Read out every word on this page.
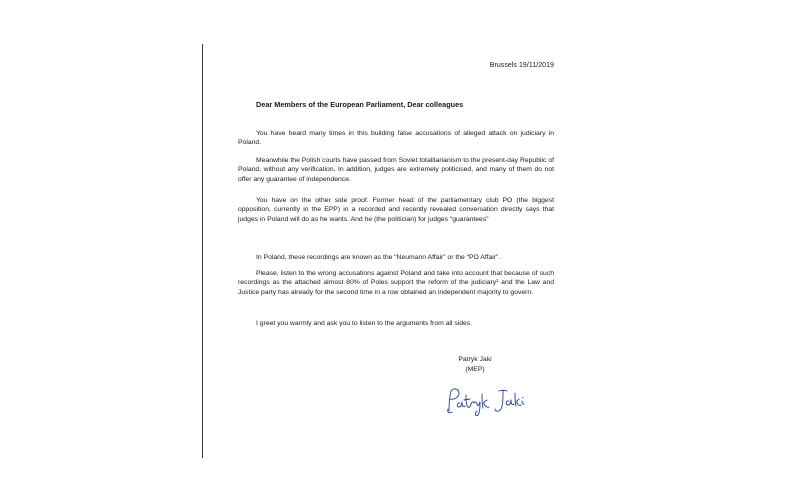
Brussels 19/11/2019
Dear Members of the European Parliament, Dear colleagues

You have heard many times in this building false accusations of alleged attack on judiciary in Poland.

Meanwhile the Polish courts have passed from Soviet totalitarianism to the present-day Republic of Poland, without any verification. In addition, judges are extremely politicised, and many of them do not offer any guarantee of independence.

You have on the other side proof. Former head of the parliamentary club PO (the biggest opposition, currently in the EPP) in a recorded and recently revealed conversation directly says that judges in Poland will do as he wants. And he (the politician) for judges “guarantees”

In Poland, these recordings are known as the “Neumann Affair” or the “PO Affair”.

Please, listen to the wrong accusations against Poland and take into account that because of such recordings as the attached almost 80% of Poles support the reform of the judiciary¹ and the Law and Justice party has already for the second time in a row obtained an independent majority to govern.

I greet you warmly and ask you to listen to the arguments from all sides.

Patryk Jaki
(MEP)
